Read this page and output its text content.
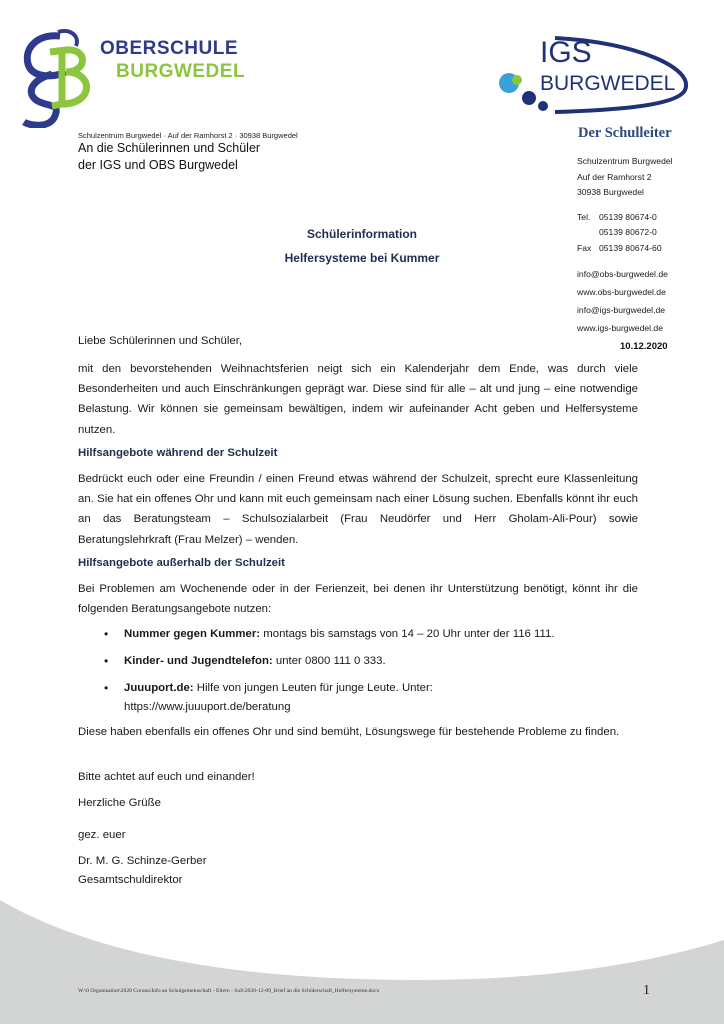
OBERSCHULE
BURGWEDEL
IGS
BURGWEDEL
Schulzentrum Burgwedel · Auf der Ramhorst 2 · 30938 Burgwedel
An die Schülerinnen und Schüler
der IGS und OBS Burgwedel
Der Schulleiter
Schulzentrum Burgwedel
Auf der Ramhorst 2
30938 Burgwedel
Tel. 05139 80674-0
05139 80672-0
Fax 05139 80674-60
info@obs-burgwedel.de
www.obs-burgwedel.de
info@igs-burgwedel,de
www.igs-burgwedel.de
10.12.2020
Schülerinformation
Helfersysteme bei Kummer
Liebe Schülerinnen und Schüler,
mit den bevorstehenden Weihnachtsferien neigt sich ein Kalenderjahr dem Ende, was durch viele Besonderheiten und auch Einschränkungen geprägt war. Diese sind für alle – alt und jung – eine notwendige Belastung. Wir können sie gemeinsam bewältigen, indem wir aufeinander Acht geben und Helfersysteme nutzen.
Hilfsangebote während der Schulzeit
Bedrückt euch oder eine Freundin / einen Freund etwas während der Schulzeit, sprecht eure Klassenleitung an. Sie hat ein offenes Ohr und kann mit euch gemeinsam nach einer Lösung suchen. Ebenfalls könnt ihr euch an das Beratungsteam – Schulsozialarbeit (Frau Neudörfer und Herr Gholam-Ali-Pour) sowie Beratungslehrkraft (Frau Melzer) – wenden.
Hilfsangebote außerhalb der Schulzeit
Bei Problemen am Wochenende oder in der Ferienzeit, bei denen ihr Unterstützung benötigt, könnt ihr die folgenden Beratungsangebote nutzen:
• Nummer gegen Kummer: montags bis samstags von 14 – 20 Uhr unter der 116 111.
• Kinder- und Jugendtelefon: unter 0800 111 0 333.
• Juuuport.de: Hilfe von jungen Leuten für junge Leute. Unter:
https://www.juuuport.de/beratung
Diese haben ebenfalls ein offenes Ohr und sind bemüht, Lösungswege für bestehende Probleme zu finden.
Bitte achtet auf euch und einander!
Herzliche Grüße
gez. euer
Dr. M. G. Schinze-Gerber
Gesamtschuldirektor
W:\0 Organisation\2020 Corona\Info an Schulgemeinschaft - Eltern - SuS\2020-12-09_Brief an die Schülerschaft_Helfersysteme.docx	1
